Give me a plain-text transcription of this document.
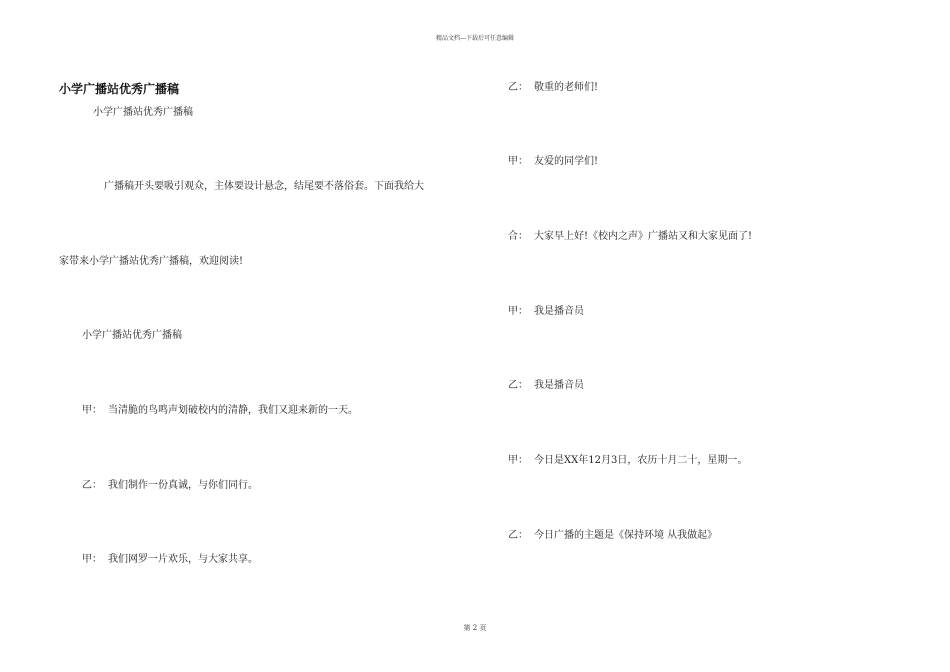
精品文档---下载后可任意编辑
小学广播站优秀广播稿
小学广播站优秀广播稿
广播稿开头要吸引观众，主体要设计悬念，结尾要不落俗套。下面我给大
家带来小学广播站优秀广播稿，欢迎阅读!
小学广播站优秀广播稿
甲： 当清脆的鸟鸣声划破校内的清静，我们又迎来新的一天。
乙： 我们制作一份真诚，与你们同行。
甲： 我们网罗一片欢乐，与大家共享。
乙： 敬重的老师们!
甲： 友爱的同学们!
合： 大家早上好!《校内之声》广播站又和大家见面了!
甲： 我是播音员
乙： 我是播音员
甲： 今日是XX年12月3日，农历十月二十，星期一。
乙： 今日广播的主题是《保持环境 从我做起》
第 2 页
